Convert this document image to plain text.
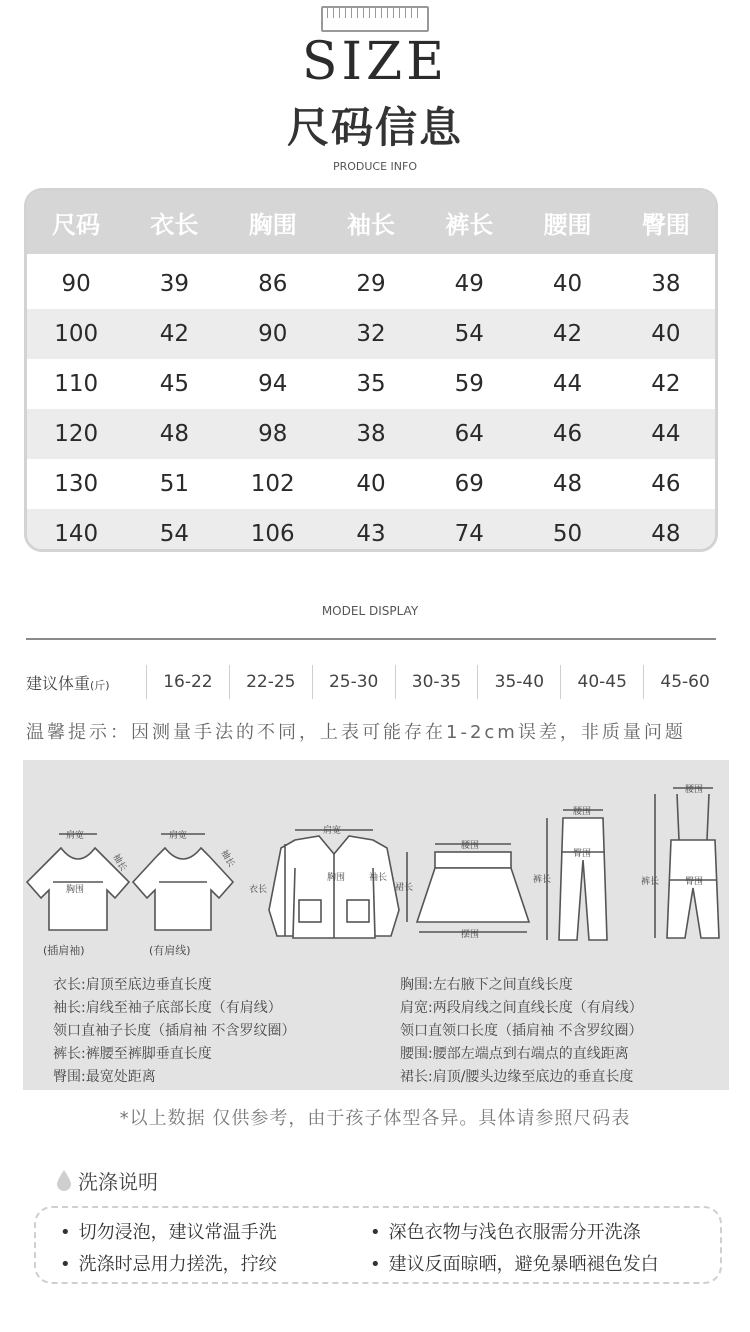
SIZE
尺码信息
PRODUCE INFO
尺码	衣长	胸围	袖长	裤长	腰围	臀围
90	39	86	29	49	40	38
100	42	90	32	54	42	40
110	45	94	35	59	44	42
120	48	98	38	64	46	44
130	51	102	40	69	48	46
140	54	106	43	74	50	48
MODEL DISPLAY
建议体重(斤)	16-22	22-25	25-30	30-35	35-40	40-45	45-60
温馨提示：因测量手法的不同，上表可能存在1-2cm误差，非质量问题
肩宽
胸围
袖长
(插肩袖)
肩宽
袖长
(有肩线)
肩宽
胸围
衣长
袖长
腰围
裙长
摆围
腰围
臀围
裤长
腰围
臀围
裤长
衣长:肩顶至底边垂直长度
袖长:肩线至袖子底部长度（有肩线）
领口直袖子长度（插肩袖 不含罗纹圈）
裤长:裤腰至裤脚垂直长度
臀围:最宽处距离
胸围:左右腋下之间直线长度
肩宽:两段肩线之间直线长度（有肩线）
领口直领口长度（插肩袖 不含罗纹圈）
腰围:腰部左端点到右端点的直线距离
裙长:肩顶/腰头边缘至底边的垂直长度
*以上数据 仅供参考，由于孩子体型各异。具体请参照尺码表
洗涤说明
• 切勿浸泡，建议常温手洗	• 深色衣物与浅色衣服需分开洗涤
• 洗涤时忌用力搓洗，拧绞	• 建议反面晾晒，避免暴晒褪色发白
